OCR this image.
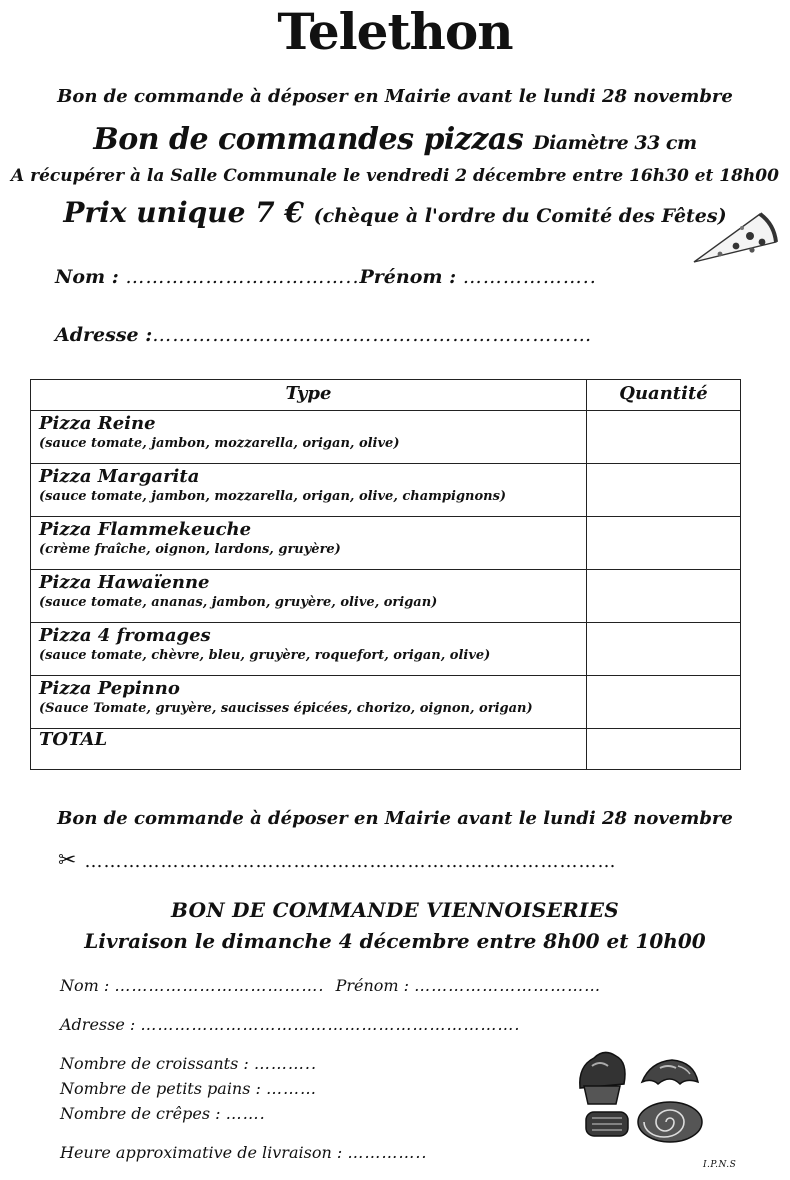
Telethon
Bon de commande à déposer en Mairie avant le lundi 28 novembre
Bon de commandes pizzas Diamètre 33 cm
A récupérer à la Salle Communale le vendredi 2 décembre entre 16h30 et 18h00
Prix unique 7 € (chèque à l'ordre du Comité des Fêtes)
Nom : ……………………………..Prénom : ………………..
Adresse :…………………………………………………………
Type	Quantité

Pizza Reine
(sauce tomate, jambon, mozzarella, origan, olive)	

Pizza Margarita
(sauce tomate, jambon, mozzarella, origan, olive, champignons)	

Pizza Flammekeuche
(crème fraîche, oignon, lardons, gruyère)	

Pizza Hawaïenne
(sauce tomate, ananas, jambon, gruyère, olive, origan)	

Pizza 4 fromages
(sauce tomate, chèvre, bleu, gruyère, roquefort, origan, olive)	

Pizza Pepinno
(Sauce Tomate, gruyère, saucisses épicées, chorizo, oignon, origan)	

TOTAL	
Bon de commande à déposer en Mairie avant le lundi 28 novembre
✂ …………………………………………………………………………
BON DE COMMANDE VIENNOISERIES
Livraison le dimanche 4 décembre entre 8h00 et 10h00
Nom : ………………………………. Prénom : ……………………………
Adresse : ………………………………………………………….
Nombre de croissants : ………..
Nombre de petits pains : ………
Nombre de crêpes : …….
Heure approximative de livraison : …………..
I.P.N.S
